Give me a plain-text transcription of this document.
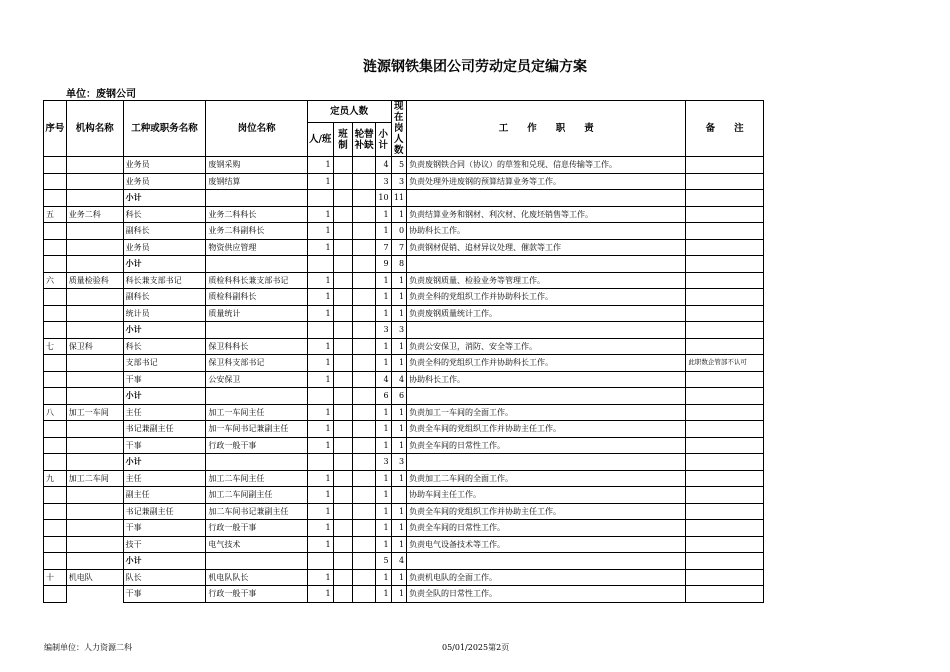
涟源钢铁集团公司劳动定员定编方案
单位：废钢公司
序号	机构名称	工种或职务名称	岗位名称	定员人数				现在岗人数	工　　作　　职　　责	备　　注
				人/班	班制	轮替补缺	小计			
		业务员	废钢采购	1			4	5	负责废钢铁合同（协议）的草签和兑现、信息传输等工作。	
		业务员	废钢结算	1			3	3	负责处理外进废钢的预算结算业务等工作。	
		小计					10	11		
五	业务二科	科长	业务二科科长	1			1	1	负责结算业务和钢材、利次材、化废坯销售等工作。	
		副科长	业务二科副科长	1			1	0	协助科长工作。	
		业务员	物资供应管理	1			7	7	负责钢材促销、追材异议处理、催款等工作	
		小计					9	8		
六	质量检验科	科长兼支部书记	质检科科长兼支部书记	1			1	1	负责废钢质量、检验业务等管理工作。	
		副科长	质检科副科长	1			1	1	负责全科的党组织工作并协助科长工作。	
		统计员	质量统计	1			1	1	负责废钢质量统计工作。	
		小计					3	3		
七	保卫科	科长	保卫科科长	1			1	1	负责公安保卫，消防、安全等工作。	
		支部书记	保卫科支部书记	1			1	1	负责全科的党组织工作并协助科长工作。	此职数企管部不认可
		干事	公安保卫	1			4	4	协助科长工作。	
		小计					6	6		
八	加工一车间	主任	加工一车间主任	1			1	1	负责加工一车间的全面工作。	
		书记兼副主任	加一车间书记兼副主任	1			1	1	负责全车间的党组织工作并协助主任工作。	
		干事	行政一般干事	1			1	1	负责全车间的日常性工作。	
		小计					3	3		
九	加工二车间	主任	加工二车间主任	1			1	1	负责加工二车间的全面工作。	
		副主任	加工二车间副主任	1			1		协助车间主任工作。	
		书记兼副主任	加二车间书记兼副主任	1			1	1	负责全车间的党组织工作并协助主任工作。	
		干事	行政一般干事	1			1	1	负责全车间的日常性工作。	
		技干	电气技术	1			1	1	负责电气设备技术等工作。	
		小计					5	4		
十	机电队	队长	机电队队长	1			1	1	负责机电队的全面工作。	
		干事	行政一般干事	1			1	1	负责全队的日常性工作。	
编制单位：人力资源二科	05/01/2025第2页
